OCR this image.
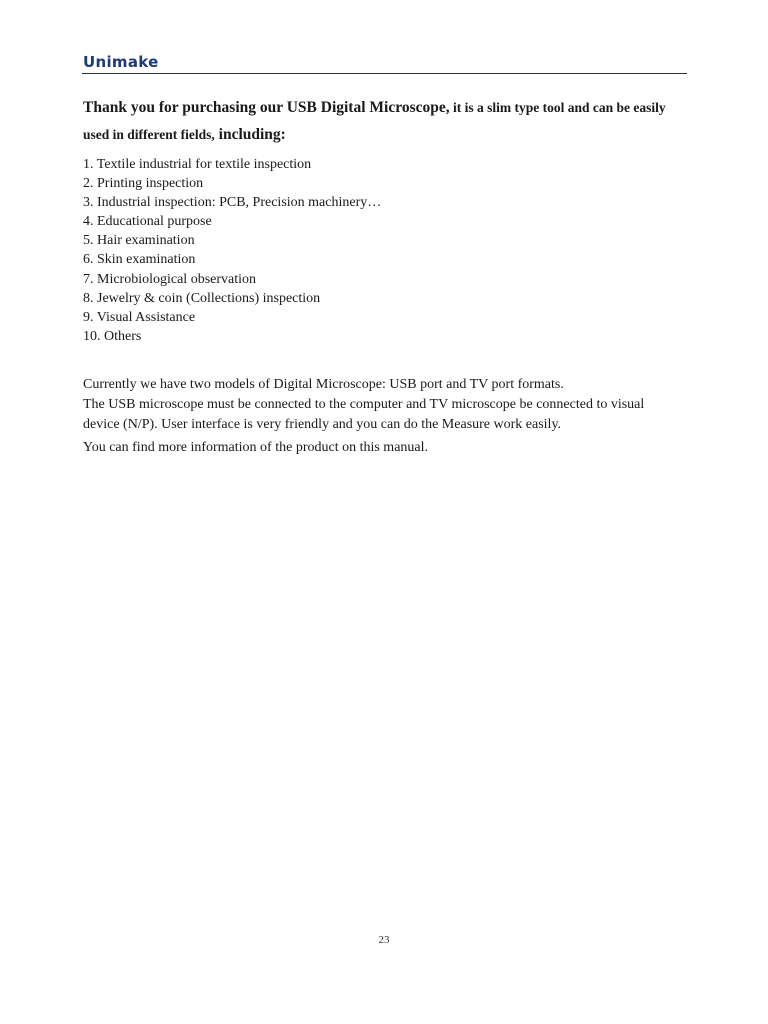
Unimake
Thank you for purchasing our USB Digital Microscope, it is a slim type tool and can be easily used in different fields, including:
1. Textile industrial for textile inspection
2. Printing inspection
3. Industrial inspection: PCB, Precision machinery…
4. Educational purpose
5. Hair examination
6. Skin examination
7. Microbiological observation
8. Jewelry & coin (Collections) inspection
9. Visual Assistance
10. Others
Currently we have two models of Digital Microscope: USB port and TV port formats.
The USB microscope must be connected to the computer and TV microscope be connected to visual device (N/P). User interface is very friendly and you can do the Measure work easily.
You can find more information of the product on this manual.
23
